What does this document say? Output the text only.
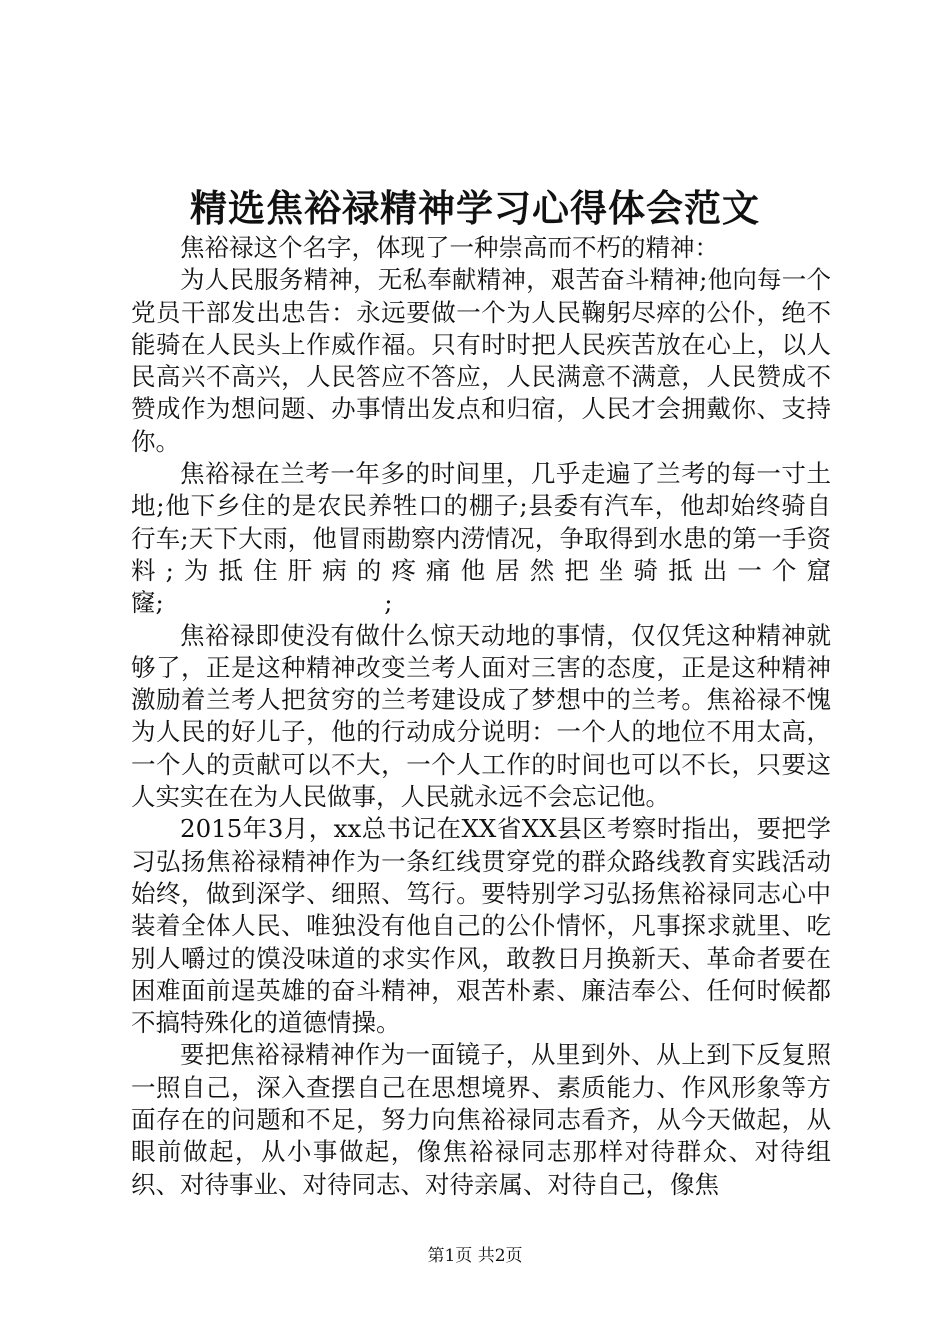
精选焦裕禄精神学习心得体会范文

焦裕禄这个名字，体现了一种崇高而不朽的精神：

为人民服务精神，无私奉献精神，艰苦奋斗精神;他向每一个党员干部发出忠告：永远要做一个为人民鞠躬尽瘁的公仆，绝不能骑在人民头上作威作福。只有时时把人民疾苦放在心上，以人民高兴不高兴，人民答应不答应，人民满意不满意，人民赞成不赞成作为想问题、办事情出发点和归宿，人民才会拥戴你、支持你。

焦裕禄在兰考一年多的时间里，几乎走遍了兰考的每一寸土地;他下乡住的是农民养牲口的棚子;县委有汽车，他却始终骑自行车;天下大雨，他冒雨勘察内涝情况，争取得到水患的第一手资料;为抵住肝病的疼痛他居然把坐骑抵出一个窟窿;　　　　　　　　　;

焦裕禄即使没有做什么惊天动地的事情，仅仅凭这种精神就够了，正是这种精神改变兰考人面对三害的态度，正是这种精神激励着兰考人把贫穷的兰考建设成了梦想中的兰考。焦裕禄不愧为人民的好儿子，他的行动成分说明：一个人的地位不用太高，一个人的贡献可以不大，一个人工作的时间也可以不长，只要这人实实在在为人民做事，人民就永远不会忘记他。

2015年3月，xx总书记在XX省XX县区考察时指出，要把学习弘扬焦裕禄精神作为一条红线贯穿党的群众路线教育实践活动始终，做到深学、细照、笃行。要特别学习弘扬焦裕禄同志心中装着全体人民、唯独没有他自己的公仆情怀，凡事探求就里、吃别人嚼过的馍没味道的求实作风，敢教日月换新天、革命者要在困难面前逞英雄的奋斗精神，艰苦朴素、廉洁奉公、任何时候都不搞特殊化的道德情操。

要把焦裕禄精神作为一面镜子，从里到外、从上到下反复照一照自己，深入查摆自己在思想境界、素质能力、作风形象等方面存在的问题和不足，努力向焦裕禄同志看齐，从今天做起，从眼前做起，从小事做起，像焦裕禄同志那样对待群众、对待组织、对待事业、对待同志、对待亲属、对待自己，像焦

第1页 共2页
